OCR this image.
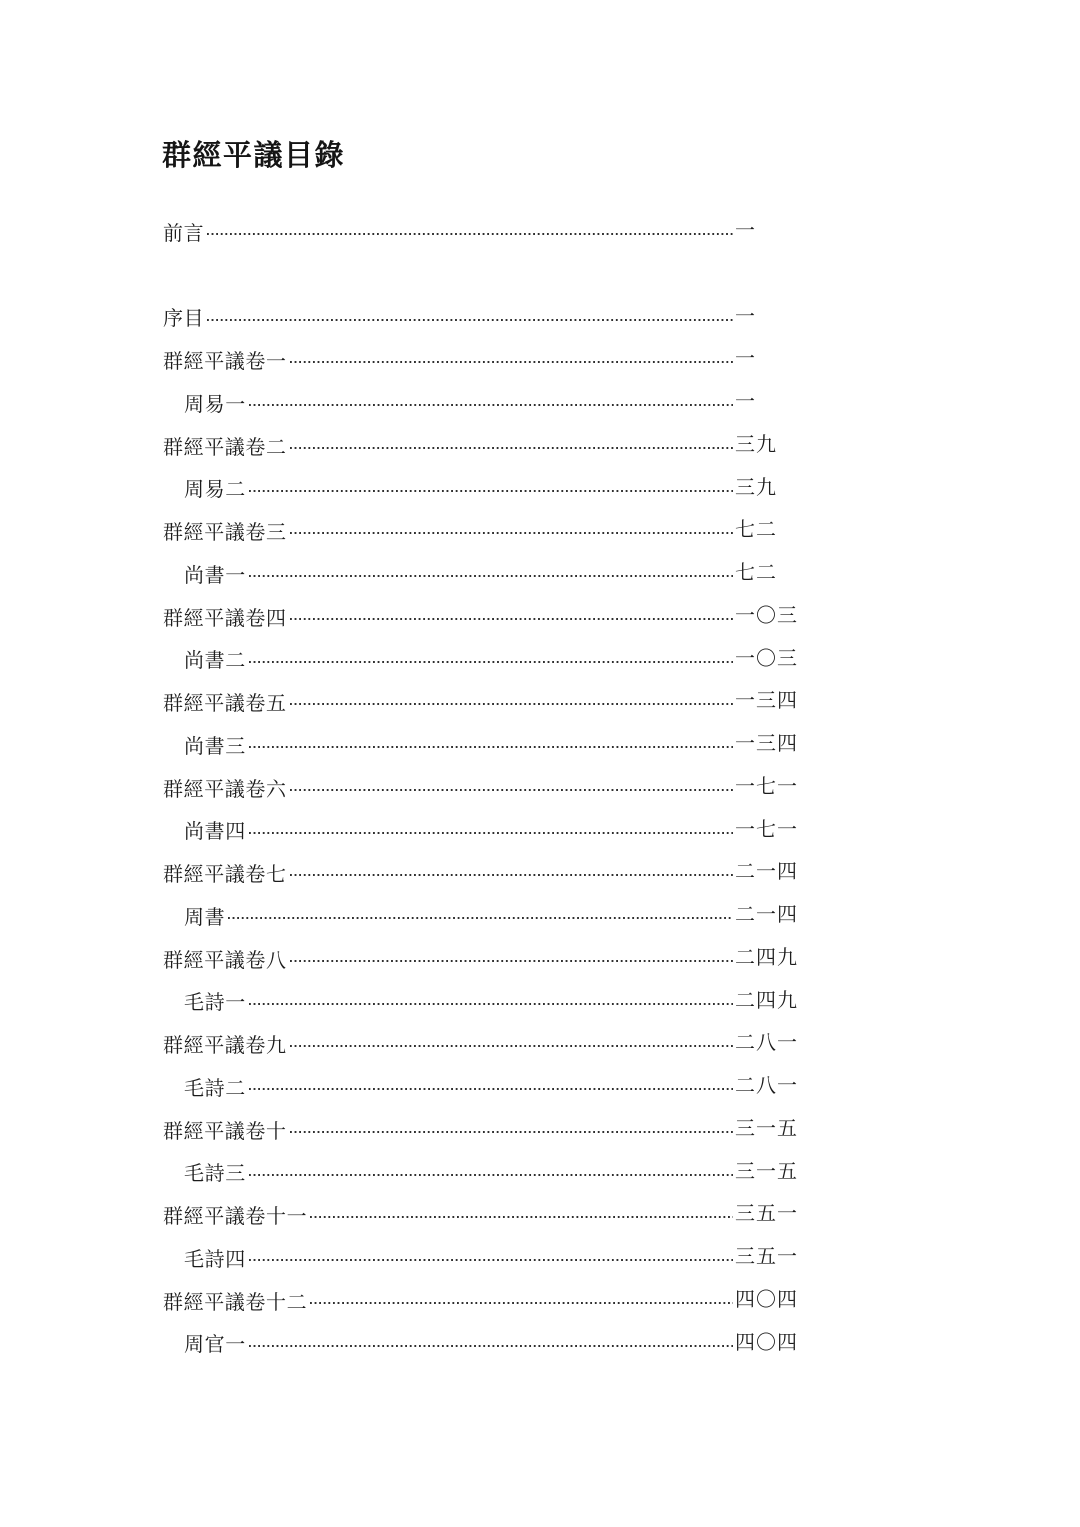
群經平議目錄
前言	一
序目	一
群經平議卷一	一
周易一	一
群經平議卷二	三九
周易二	三九
群經平議卷三	七二
尚書一	七二
群經平議卷四	一〇三
尚書二	一〇三
群經平議卷五	一三四
尚書三	一三四
群經平議卷六	一七一
尚書四	一七一
群經平議卷七	二一四
周書	二一四
群經平議卷八	二四九
毛詩一	二四九
群經平議卷九	二八一
毛詩二	二八一
群經平議卷十	三一五
毛詩三	三一五
群經平議卷十一	三五一
毛詩四	三五一
群經平議卷十二	四〇四
周官一	四〇四
